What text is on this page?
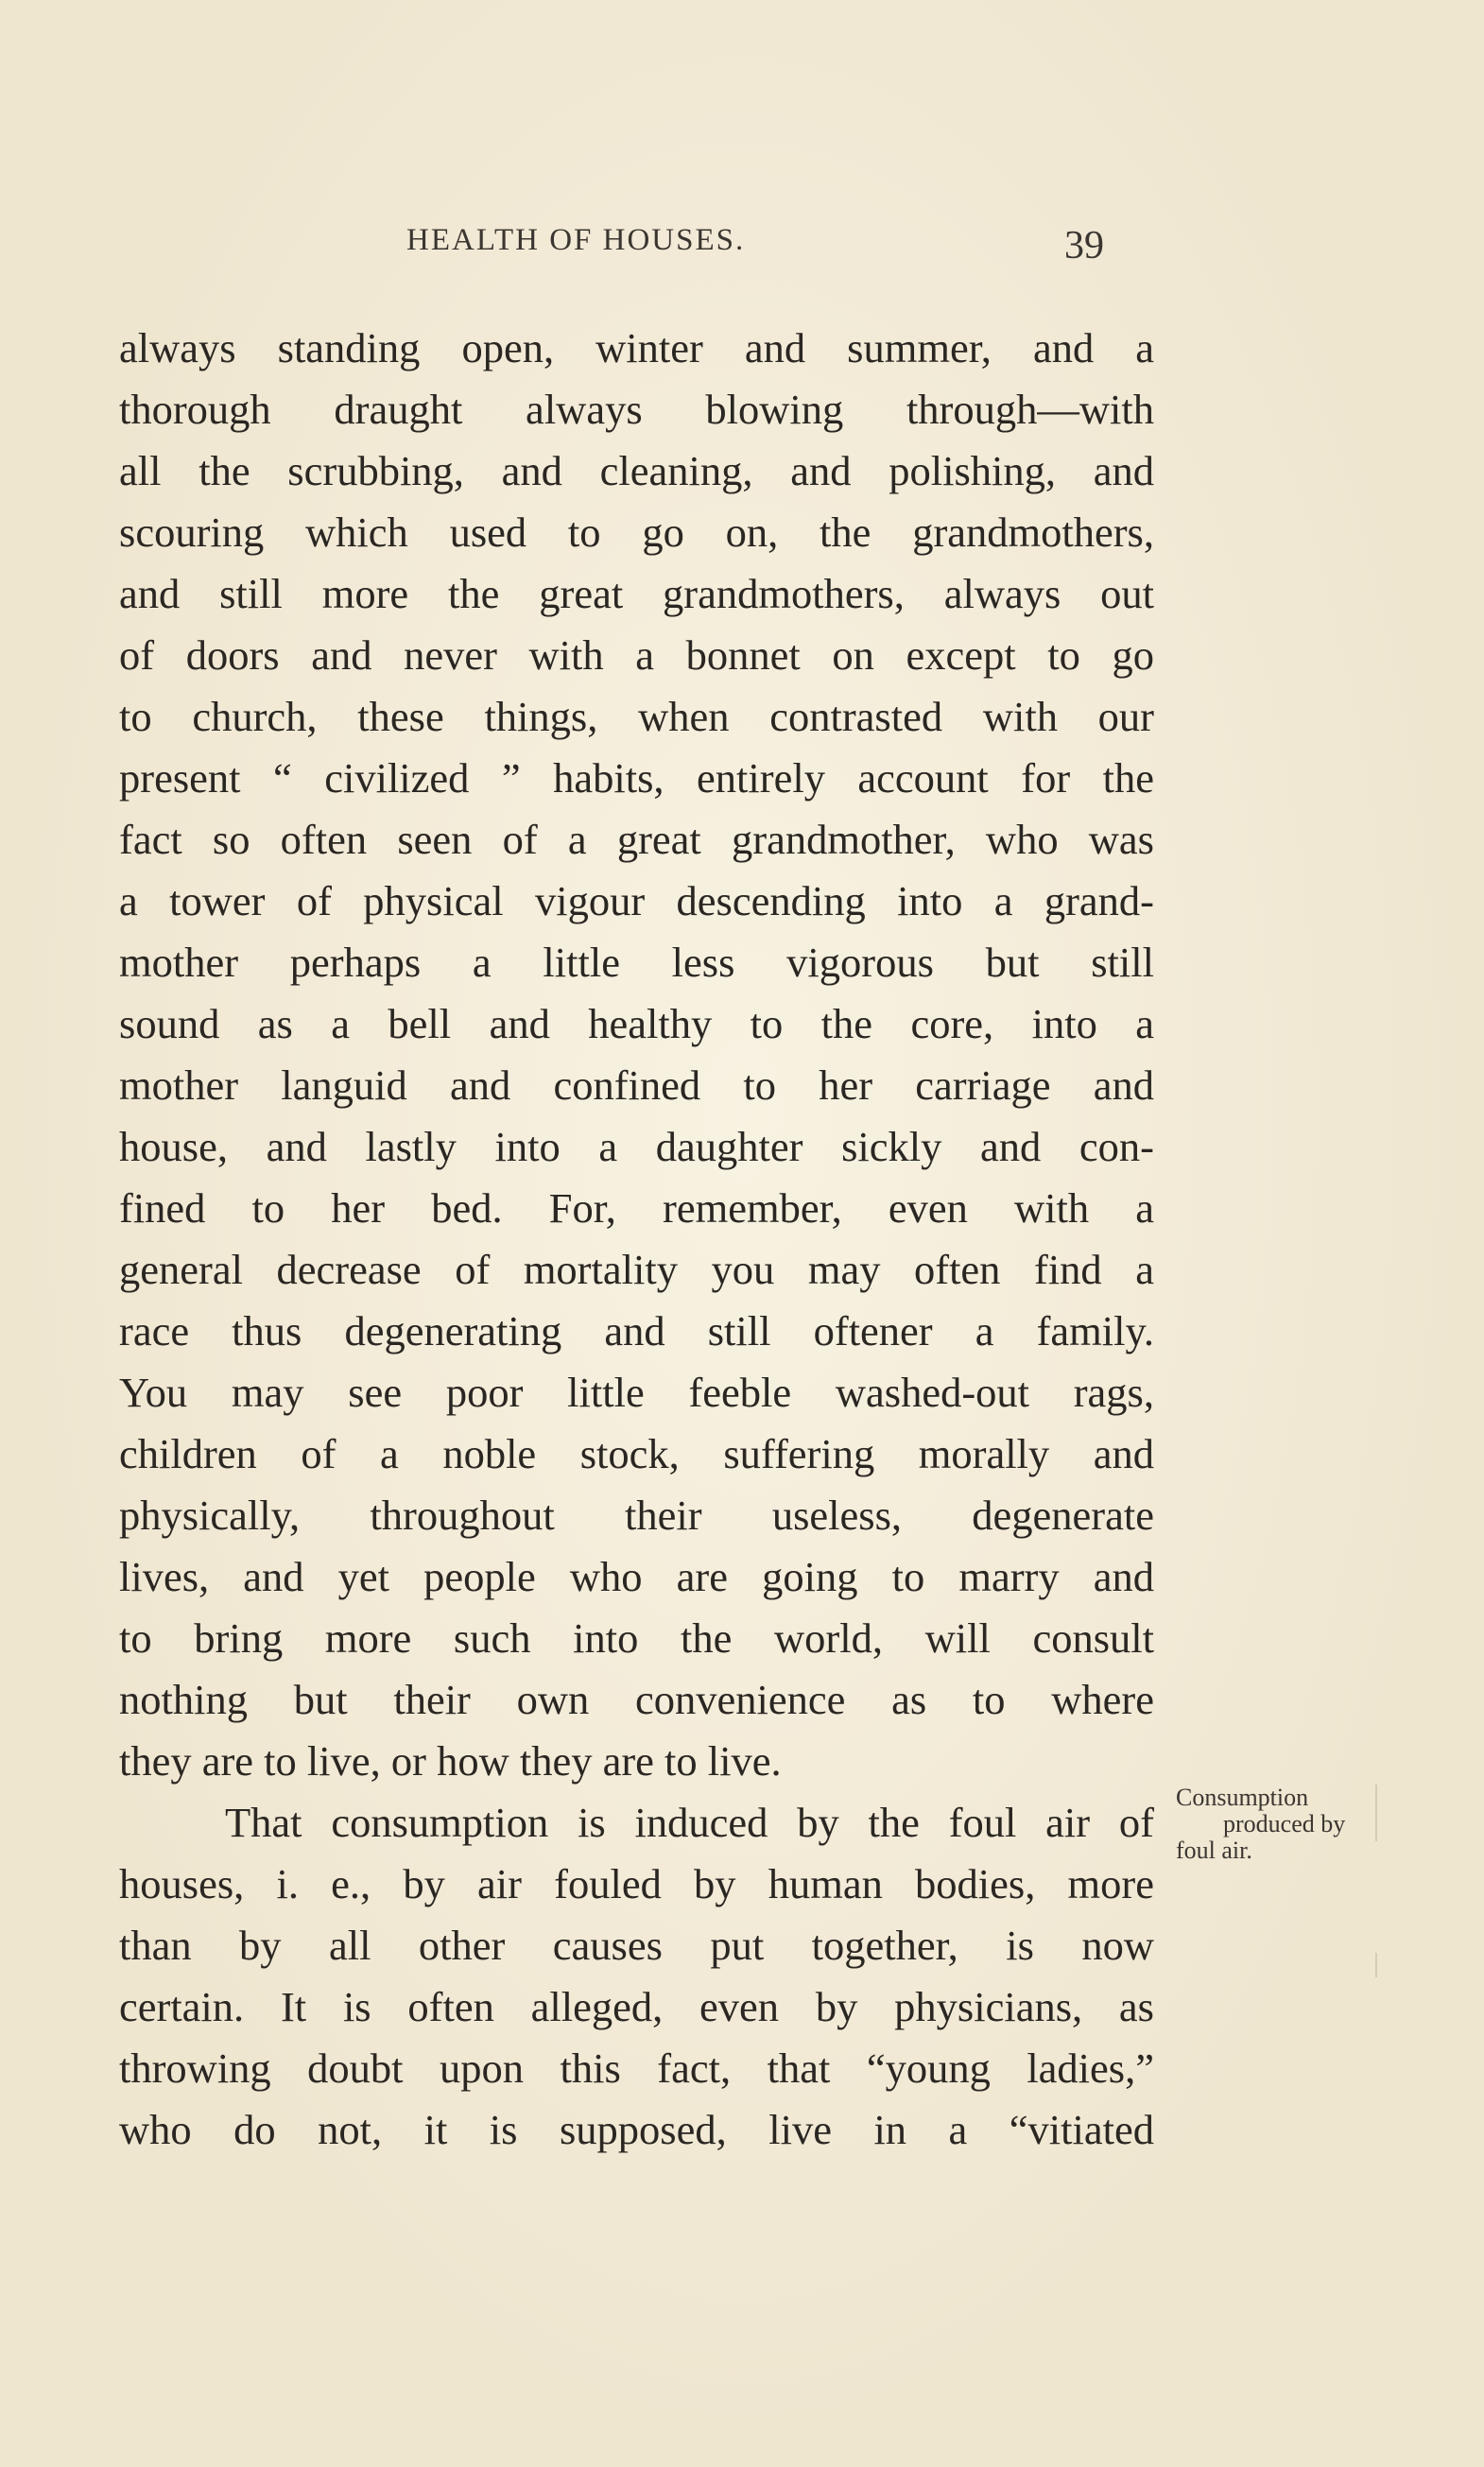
HEALTH OF HOUSES.	39
always standing open, winter and summer, and a
thorough draught always blowing through—with
all the scrubbing, and cleaning, and polishing, and
scouring which used to go on, the grandmothers,
and still more the great grandmothers, always out
of doors and never with a bonnet on except to go
to church, these things, when contrasted with our
present “ civilized ” habits, entirely account for the
fact so often seen of a great grandmother, who was
a tower of physical vigour descending into a grand-
mother perhaps a little less vigorous but still
sound as a bell and healthy to the core, into a
mother languid and confined to her carriage and
house, and lastly into a daughter sickly and con-
fined to her bed. For, remember, even with a
general decrease of mortality you may often find a
race thus degenerating and still oftener a family.
You may see poor little feeble washed-out rags,
children of a noble stock, suffering morally and
physically, throughout their useless, degenerate
lives, and yet people who are going to marry and
to bring more such into the world, will consult
nothing but their own convenience as to where
they are to live, or how they are to live.
That consumption is induced by the foul air of
houses, i. e., by air fouled by human bodies, more
than by all other causes put together, is now
certain. It is often alleged, even by physicians, as
throwing doubt upon this fact, that “young ladies,”
who do not, it is supposed, live in a “vitiated
Consumption
produced by
foul air.
